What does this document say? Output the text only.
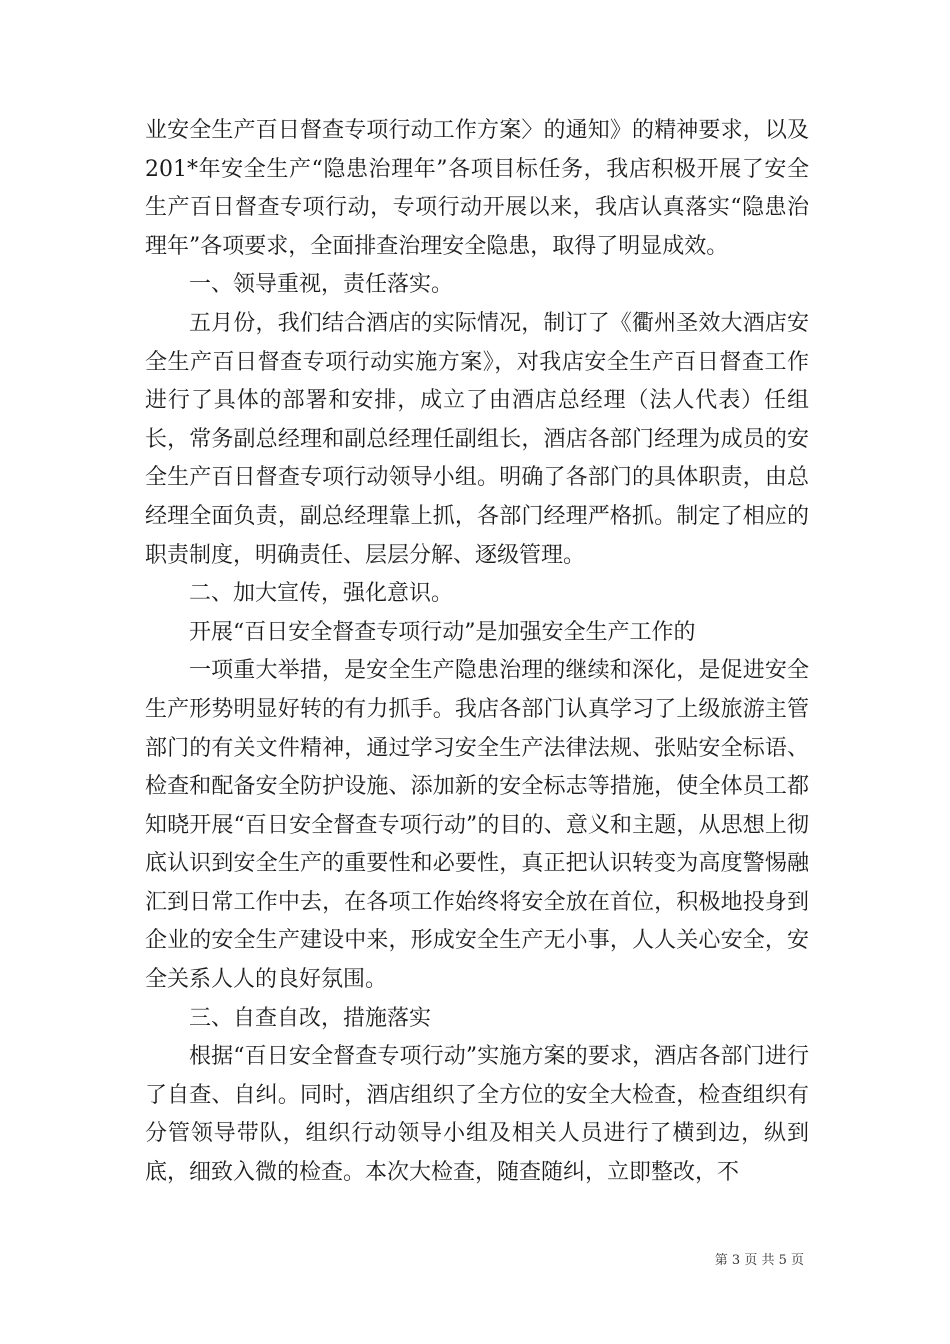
业安全生产百日督查专项行动工作方案〉的通知》的精神要求，以及201*年安全生产“隐患治理年”各项目标任务，我店积极开展了安全生产百日督查专项行动，专项行动开展以来，我店认真落实“隐患治理年”各项要求，全面排查治理安全隐患，取得了明显成效。

一、领导重视，责任落实。

五月份，我们结合酒店的实际情况，制订了《衢州圣效大酒店安全生产百日督查专项行动实施方案》，对我店安全生产百日督查工作进行了具体的部署和安排，成立了由酒店总经理（法人代表）任组长，常务副总经理和副总经理任副组长，酒店各部门经理为成员的安全生产百日督查专项行动领导小组。明确了各部门的具体职责，由总经理全面负责，副总经理靠上抓，各部门经理严格抓。制定了相应的职责制度，明确责任、层层分解、逐级管理。

二、加大宣传，强化意识。

开展“百日安全督查专项行动”是加强安全生产工作的

一项重大举措，是安全生产隐患治理的继续和深化，是促进安全生产形势明显好转的有力抓手。我店各部门认真学习了上级旅游主管部门的有关文件精神，通过学习安全生产法律法规、张贴安全标语、检查和配备安全防护设施、添加新的安全标志等措施，使全体员工都知晓开展“百日安全督查专项行动”的目的、意义和主题，从思想上彻底认识到安全生产的重要性和必要性，真正把认识转变为高度警惕融汇到日常工作中去，在各项工作始终将安全放在首位，积极地投身到企业的安全生产建设中来，形成安全生产无小事，人人关心安全，安全关系人人的良好氛围。

三、自查自改，措施落实

根据“百日安全督查专项行动”实施方案的要求，酒店各部门进行了自查、自纠。同时，酒店组织了全方位的安全大检查，检查组织有分管领导带队，组织行动领导小组及相关人员进行了横到边，纵到底，细致入微的检查。本次大检查，随查随纠，立即整改，不

第 3 页 共 5 页
